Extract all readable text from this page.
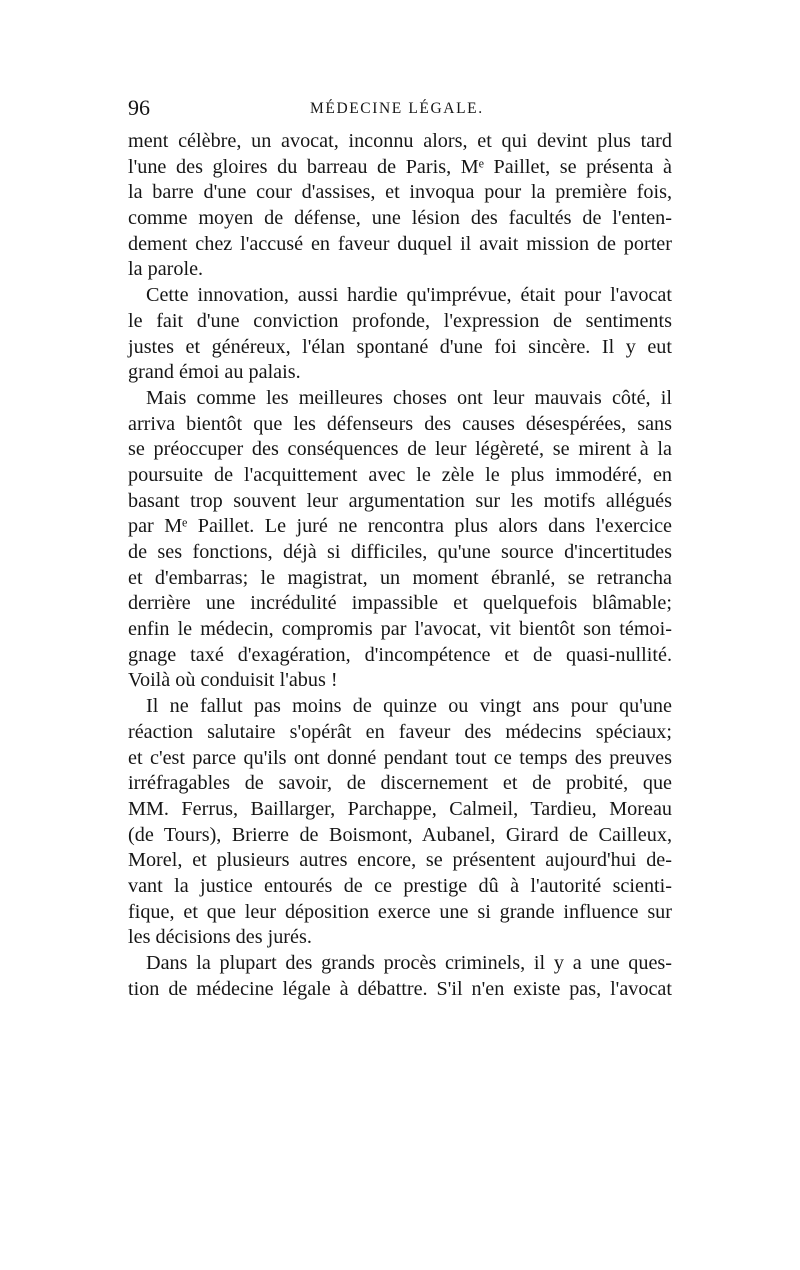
96	MÉDECINE LÉGALE.
ment célèbre, un avocat, inconnu alors, et qui devint plus tard
l'une des gloires du barreau de Paris, Mᵉ Paillet, se présenta à
la barre d'une cour d'assises, et invoqua pour la première fois,
comme moyen de défense, une lésion des facultés de l'enten-
dement chez l'accusé en faveur duquel il avait mission de porter
la parole.
Cette innovation, aussi hardie qu'imprévue, était pour l'avocat
le fait d'une conviction profonde, l'expression de sentiments
justes et généreux, l'élan spontané d'une foi sincère. Il y eut
grand émoi au palais.
Mais comme les meilleures choses ont leur mauvais côté, il
arriva bientôt que les défenseurs des causes désespérées, sans
se préoccuper des conséquences de leur légèreté, se mirent à la
poursuite de l'acquittement avec le zèle le plus immodéré, en
basant trop souvent leur argumentation sur les motifs allégués
par Mᵉ Paillet. Le juré ne rencontra plus alors dans l'exercice
de ses fonctions, déjà si difficiles, qu'une source d'incertitudes
et d'embarras; le magistrat, un moment ébranlé, se retrancha
derrière une incrédulité impassible et quelquefois blâmable;
enfin le médecin, compromis par l'avocat, vit bientôt son témoi-
gnage taxé d'exagération, d'incompétence et de quasi-nullité.
Voilà où conduisit l'abus !
Il ne fallut pas moins de quinze ou vingt ans pour qu'une
réaction salutaire s'opérât en faveur des médecins spéciaux;
et c'est parce qu'ils ont donné pendant tout ce temps des preuves
irréfragables de savoir, de discernement et de probité, que
MM. Ferrus, Baillarger, Parchappe, Calmeil, Tardieu, Moreau
(de Tours), Brierre de Boismont, Aubanel, Girard de Cailleux,
Morel, et plusieurs autres encore, se présentent aujourd'hui de-
vant la justice entourés de ce prestige dû à l'autorité scienti-
fique, et que leur déposition exerce une si grande influence sur
les décisions des jurés.
Dans la plupart des grands procès criminels, il y a une ques-
tion de médecine légale à débattre. S'il n'en existe pas, l'avocat
